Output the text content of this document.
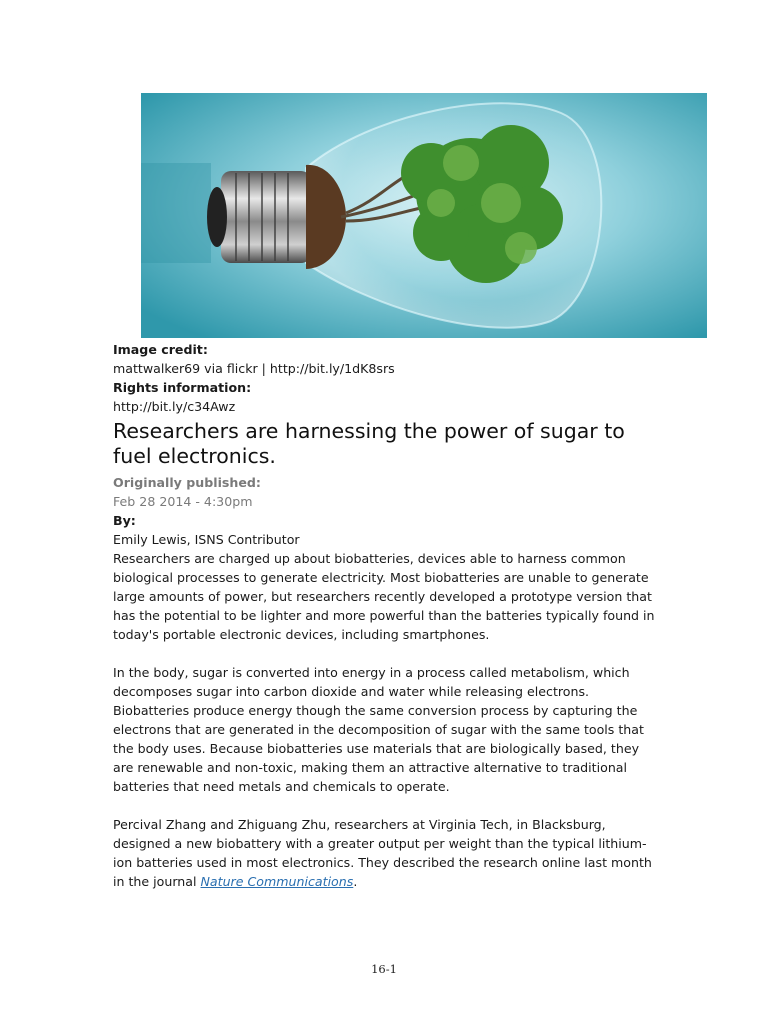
Image credit:
mattwalker69 via flickr | http://bit.ly/1dK8srs
Rights information:
http://bit.ly/c34Awz
Researchers are harnessing the power of sugar to fuel electronics.
Originally published:
Feb 28 2014 - 4:30pm
By:
Emily Lewis, ISNS Contributor

Researchers are charged up about biobatteries, devices able to harness common biological processes to generate electricity. Most biobatteries are unable to generate large amounts of power, but researchers recently developed a prototype version that has the potential to be lighter and more powerful than the batteries typically found in today's portable electronic devices, including smartphones.

In the body, sugar is converted into energy in a process called metabolism, which decomposes sugar into carbon dioxide and water while releasing electrons. Biobatteries produce energy though the same conversion process by capturing the electrons that are generated in the decomposition of sugar with the same tools that the body uses. Because biobatteries use materials that are biologically based, they are renewable and non-toxic, making them an attractive alternative to traditional batteries that need metals and chemicals to operate.

Percival Zhang and Zhiguang Zhu, researchers at Virginia Tech, in Blacksburg, designed a new biobattery with a greater output per weight than the typical lithium-ion batteries used in most electronics. They described the research online last month in the journal Nature Communications.

16-1
